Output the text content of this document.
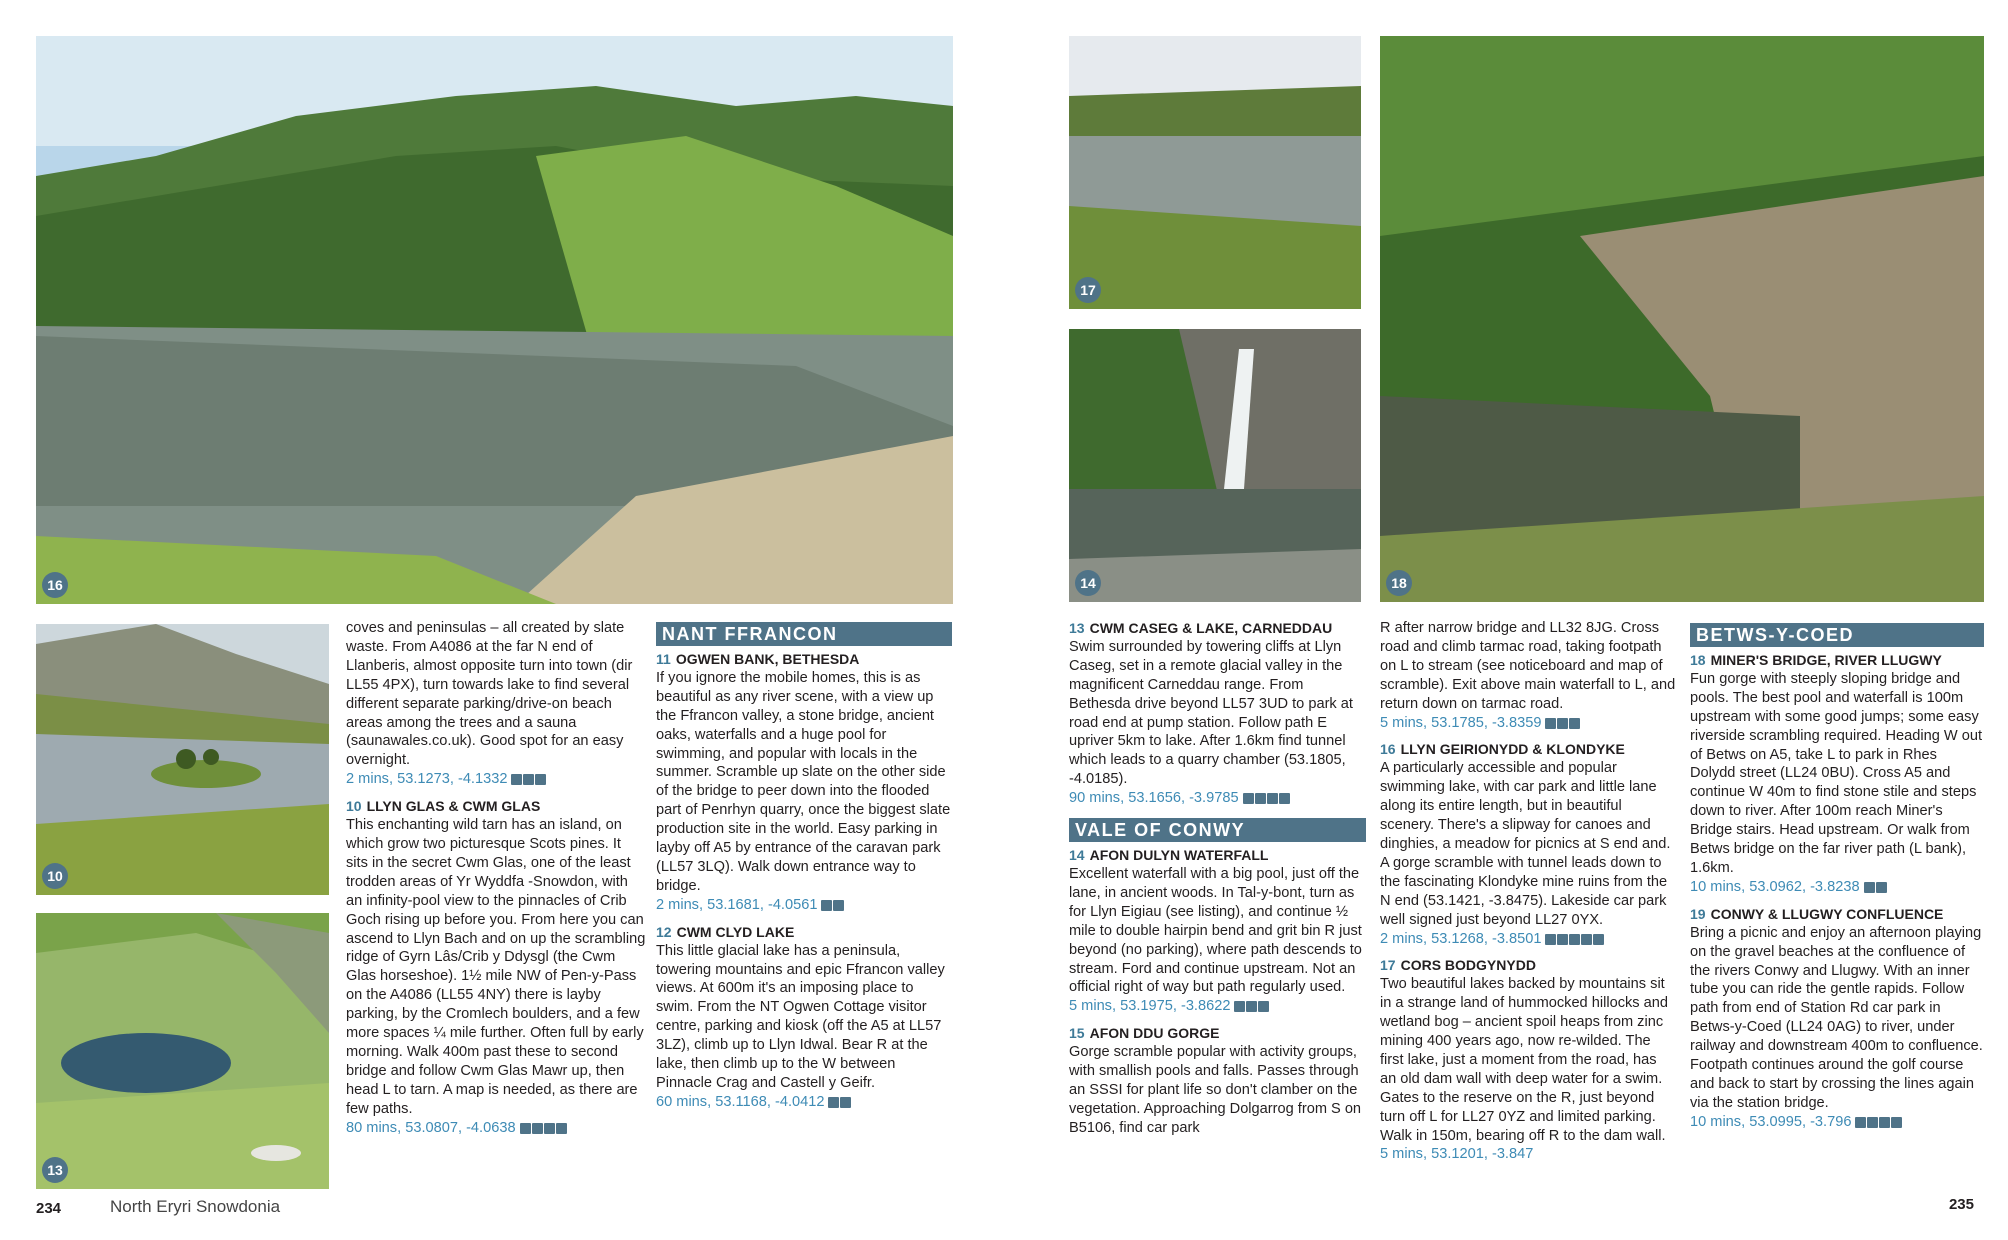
16
10
13
coves and peninsulas – all created by slate waste. From A4086 at the far N end of Llanberis, almost opposite turn into town (dir LL55 4PX), turn towards lake to find several different separate parking/drive-on beach areas among the trees and a sauna (saunawales.co.uk). Good spot for an easy overnight.
2 mins, 53.1273, -4.1332
10 LLYN GLAS & CWM GLAS
This enchanting wild tarn has an island, on which grow two picturesque Scots pines. It sits in the secret Cwm Glas, one of the least trodden areas of Yr Wyddfa -Snowdon, with an infinity-pool view to the pinnacles of Crib Goch rising up before you. From here you can ascend to Llyn Bach and on up the scrambling ridge of Gyrn Lâs/Crib y Ddysgl (the Cwm Glas horseshoe). 1½ mile NW of Pen-y-Pass on the A4086 (LL55 4NY) there is layby parking, by the Cromlech boulders, and a few more spaces ¼ mile further. Often full by early morning. Walk 400m past these to second bridge and follow Cwm Glas Mawr up, then head L to tarn. A map is needed, as there are few paths.
80 mins, 53.0807, -4.0638
NANT FFRANCON
11 OGWEN BANK, BETHESDA
If you ignore the mobile homes, this is as beautiful as any river scene, with a view up the Ffrancon valley, a stone bridge, ancient oaks, waterfalls and a huge pool for swimming, and popular with locals in the summer. Scramble up slate on the other side of the bridge to peer down into the flooded part of Penrhyn quarry, once the biggest slate production site in the world. Easy parking in layby off A5 by entrance of the caravan park (LL57 3LQ). Walk down entrance way to bridge.
2 mins, 53.1681, -4.0561
12 CWM CLYD LAKE
This little glacial lake has a peninsula, towering mountains and epic Ffrancon valley views. At 600m it's an imposing place to swim. From the NT Ogwen Cottage visitor centre, parking and kiosk (off the A5 at LL57 3LZ), climb up to Llyn Idwal. Bear R at the lake, then climb up to the W between Pinnacle Crag and Castell y Geifr.
60 mins, 53.1168, -4.0412
17
14	18
13 CWM CASEG & LAKE, CARNEDDAU
Swim surrounded by towering cliffs at Llyn Caseg, set in a remote glacial valley in the magnificent Carneddau range. From Bethesda drive beyond LL57 3UD to park at road end at pump station. Follow path E upriver 5km to lake. After 1.6km find tunnel which leads to a quarry chamber (53.1805, -4.0185).
90 mins, 53.1656, -3.9785
VALE OF CONWY
14 AFON DULYN WATERFALL
Excellent waterfall with a big pool, just off the lane, in ancient woods. In Tal-y-bont, turn as for Llyn Eigiau (see listing), and continue ½ mile to double hairpin bend and grit bin R just beyond (no parking), where path descends to stream. Ford and continue upstream. Not an official right of way but path regularly used.
5 mins, 53.1975, -3.8622
15 AFON DDU GORGE
Gorge scramble popular with activity groups, with smallish pools and falls. Passes through an SSSI for plant life so don't clamber on the vegetation. Approaching Dolgarrog from S on B5106, find car park
R after narrow bridge and LL32 8JG. Cross road and climb tarmac road, taking footpath on L to stream (see noticeboard and map of scramble). Exit above main waterfall to L, and return down on tarmac road.
5 mins, 53.1785, -3.8359
16 LLYN GEIRIONYDD & KLONDYKE
A particularly accessible and popular swimming lake, with car park and little lane along its entire length, but in beautiful scenery. There's a slipway for canoes and dinghies, a meadow for picnics at S end and. A gorge scramble with tunnel leads down to the fascinating Klondyke mine ruins from the N end (53.1421, -3.8475). Lakeside car park well signed just beyond LL27 0YX.
2 mins, 53.1268, -3.8501
17 CORS BODGYNYDD
Two beautiful lakes backed by mountains sit in a strange land of hummocked hillocks and wetland bog – ancient spoil heaps from zinc mining 400 years ago, now re-wilded. The first lake, just a moment from the road, has an old dam wall with deep water for a swim. Gates to the reserve on the R, just beyond turn off L for LL27 0YZ and limited parking. Walk in 150m, bearing off R to the dam wall.
5 mins, 53.1201, -3.847
BETWS-Y-COED
18 MINER'S BRIDGE, RIVER LLUGWY
Fun gorge with steeply sloping bridge and pools. The best pool and waterfall is 100m upstream with some good jumps; some easy riverside scrambling required. Heading W out of Betws on A5, take L to park in Rhes Dolydd street (LL24 0BU). Cross A5 and continue W 40m to find stone stile and steps down to river. After 100m reach Miner's Bridge stairs. Head upstream. Or walk from Betws bridge on the far river path (L bank), 1.6km.
10 mins, 53.0962, -3.8238
19 CONWY & LLUGWY CONFLUENCE
Bring a picnic and enjoy an afternoon playing on the gravel beaches at the confluence of the rivers Conwy and Llugwy. With an inner tube you can ride the gentle rapids. Follow path from end of Station Rd car park in Betws-y-Coed (LL24 0AG) to river, under railway and downstream 400m to confluence. Footpath continues around the golf course and back to start by crossing the lines again via the station bridge.
10 mins, 53.0995, -3.796
234	North Eryri Snowdonia	235
